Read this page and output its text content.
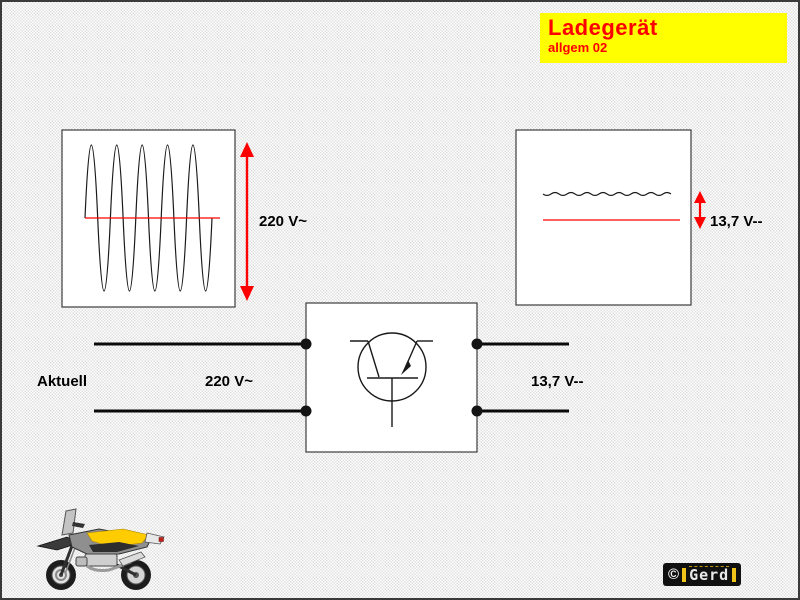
Ladegerät
allgem 02
220 V~	13,7 V--
Aktuell	220 V~	13,7 V--
© Gerd
